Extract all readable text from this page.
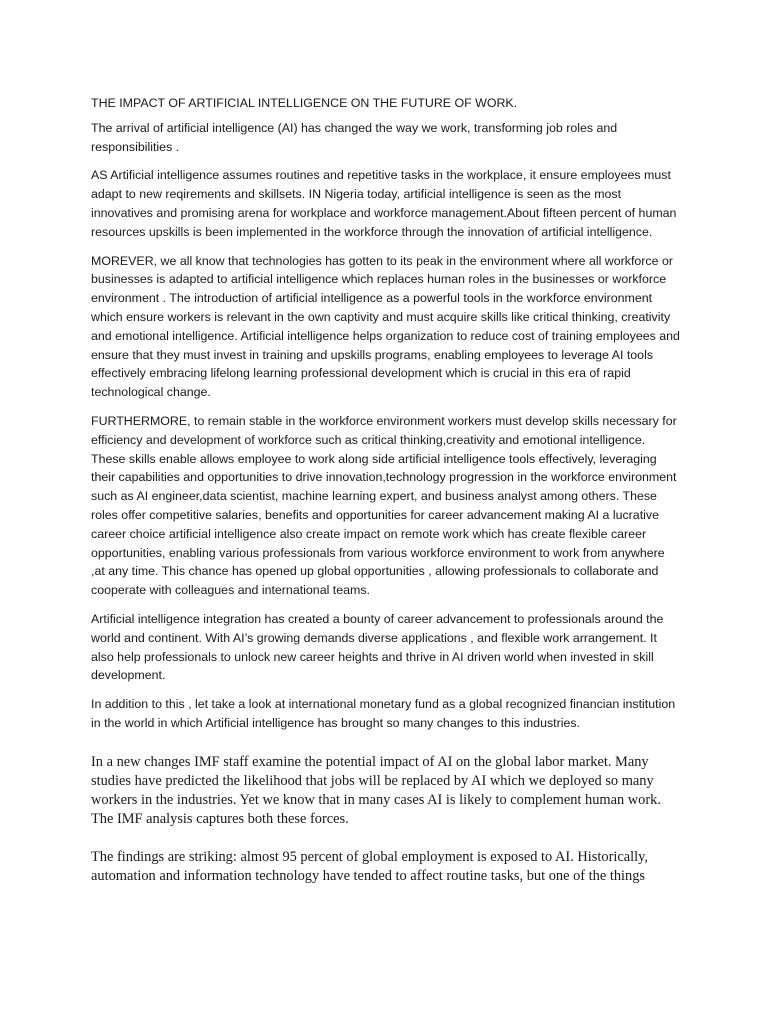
THE IMPACT OF ARTIFICIAL INTELLIGENCE ON THE FUTURE OF WORK.

The arrival of artificial intelligence (AI) has changed the way we work, transforming job roles and responsibilities .

AS Artificial intelligence assumes routines and repetitive tasks in the workplace, it ensure employees must adapt to new reqirements and skillsets. IN Nigeria today, artificial intelligence is seen as the most innovatives and promising arena for workplace and workforce management.About fifteen percent of human resources upskills is been implemented in the workforce through the innovation of artificial intelligence.

MOREVER, we all know that technologies has gotten to its peak in the environment where all workforce or businesses is adapted to artificial intelligence which replaces human roles in the businesses or workforce environment . The introduction of artificial intelligence as a powerful tools in the workforce environment which ensure workers is relevant in the own captivity and must acquire skills like critical thinking, creativity and emotional intelligence. Artificial intelligence helps organization to reduce cost of training employees and ensure that they must invest in training and upskills programs, enabling employees to leverage AI tools effectively embracing lifelong learning professional development which is crucial in this era of rapid technological change.

FURTHERMORE, to remain stable in the workforce environment workers must develop skills necessary for efficiency and development of workforce such as critical thinking,creativity and emotional intelligence. These skills enable allows employee to work along side artificial intelligence tools effectively, leveraging their capabilities and opportunities to drive innovation,technology progression in the workforce environment such as AI engineer,data scientist, machine learning expert, and business analyst among others. These roles offer competitive salaries, benefits and opportunities for career advancement making AI a lucrative career choice artificial intelligence also create impact on remote work which has create flexible career opportunities, enabling various professionals from various workforce environment to work from anywhere ,at any time. This chance has opened up global opportunities , allowing professionals to collaborate and cooperate with colleagues and international teams.

Artificial intelligence integration has created a bounty of career advancement to professionals around the world and continent. With AI’s growing demands diverse applications , and flexible work arrangement. It also help professionals to unlock new career heights and thrive in AI driven world when invested in skill development.

In addition to this , let take a look at international monetary fund as a global recognized financian institution in the world in which Artificial intelligence has brought so many changes to this industries.

In a new changes IMF staff examine the potential impact of AI on the global labor market. Many studies have predicted the likelihood that jobs will be replaced by AI which we deployed so many workers in the industries. Yet we know that in many cases AI is likely to complement human work. The IMF analysis captures both these forces.

The findings are striking: almost 95 percent of global employment is exposed to AI. Historically, automation and information technology have tended to affect routine tasks, but one of the things
